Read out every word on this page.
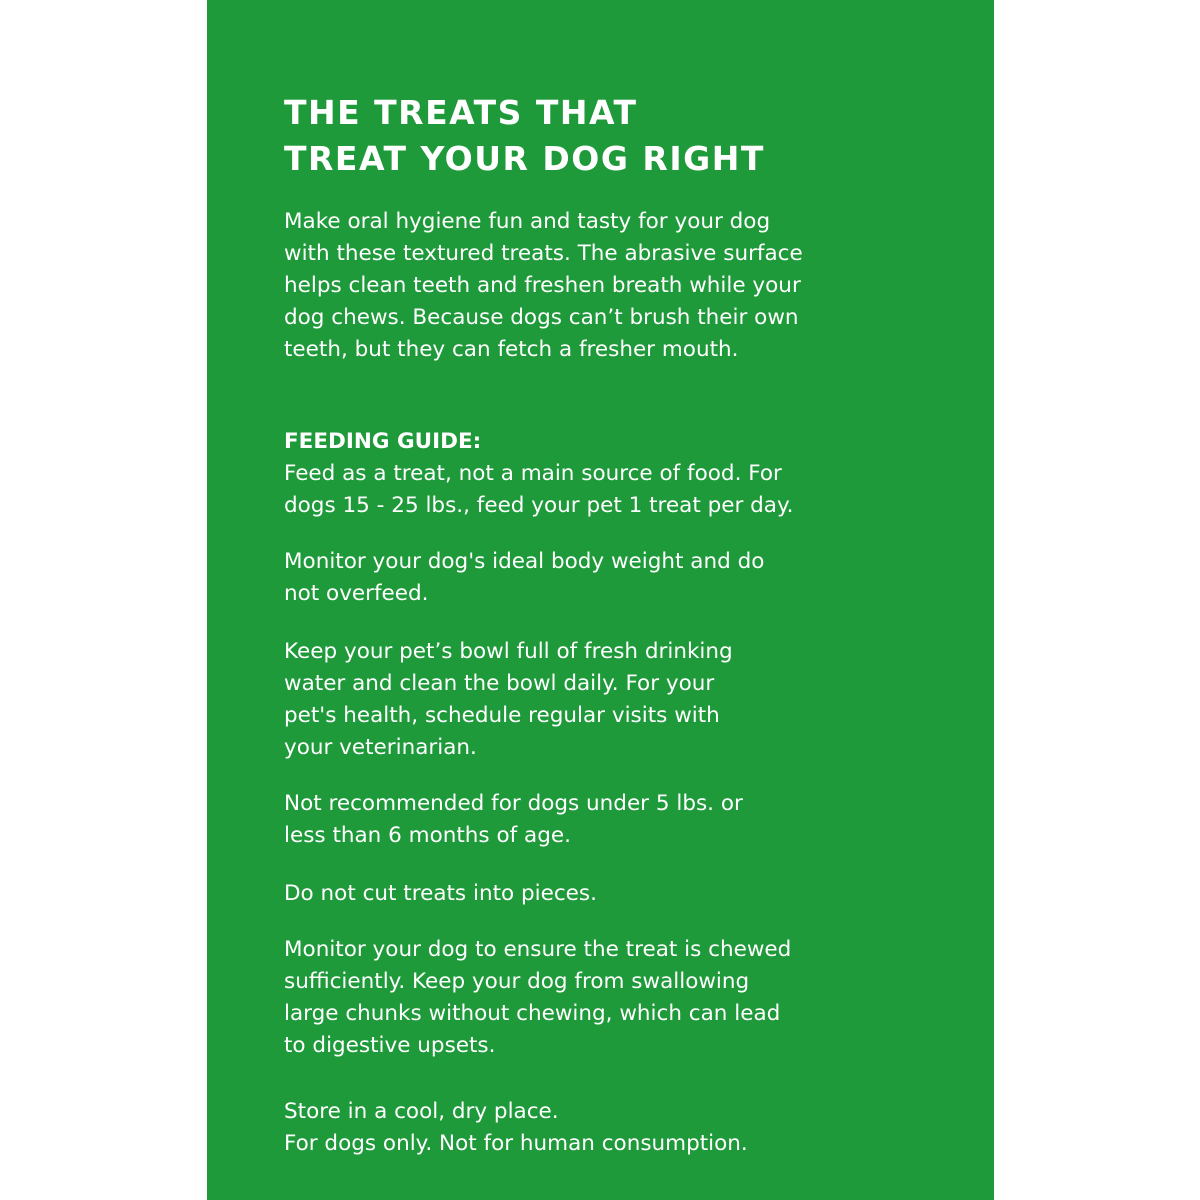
THE TREATS THAT
TREAT YOUR DOG RIGHT

Make oral hygiene fun and tasty for your dog
with these textured treats. The abrasive surface
helps clean teeth and freshen breath while your
dog chews. Because dogs can’t brush their own
teeth, but they can fetch a fresher mouth.

FEEDING GUIDE:
Feed as a treat, not a main source of food. For
dogs 15 - 25 lbs., feed your pet 1 treat per day.

Monitor your dog's ideal body weight and do
not overfeed.

Keep your pet’s bowl full of fresh drinking
water and clean the bowl daily. For your
pet's health, schedule regular visits with
your veterinarian.

Not recommended for dogs under 5 lbs. or
less than 6 months of age.

Do not cut treats into pieces.

Monitor your dog to ensure the treat is chewed
sufficiently. Keep your dog from swallowing
large chunks without chewing, which can lead
to digestive upsets.

Store in a cool, dry place.
For dogs only. Not for human consumption.
